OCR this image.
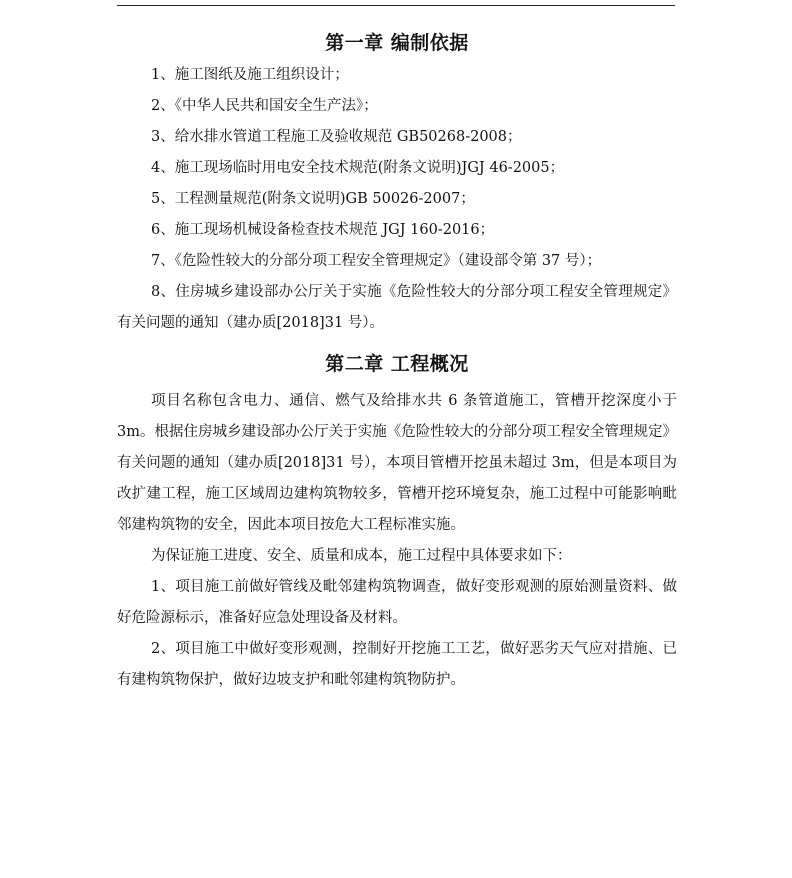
第一章 编制依据

1、施工图纸及施工组织设计；

2、《中华人民共和国安全生产法》；

3、给水排水管道工程施工及验收规范 GB50268-2008；

4、施工现场临时用电安全技术规范(附条文说明)JGJ 46-2005；

5、工程测量规范(附条文说明)GB 50026-2007；

6、施工现场机械设备检查技术规范 JGJ 160-2016；

7、《危险性较大的分部分项工程安全管理规定》（建设部令第 37 号）；

8、住房城乡建设部办公厅关于实施《危险性较大的分部分项工程安全管理规定》有关问题的通知（建办质[2018]31 号）。

第二章 工程概况

项目名称包含电力、通信、燃气及给排水共 6 条管道施工，管槽开挖深度小于 3m。根据住房城乡建设部办公厅关于实施《危险性较大的分部分项工程安全管理规定》有关问题的通知（建办质[2018]31 号），本项目管槽开挖虽未超过 3m，但是本项目为改扩建工程，施工区域周边建构筑物较多，管槽开挖环境复杂，施工过程中可能影响毗邻建构筑物的安全，因此本项目按危大工程标准实施。

为保证施工进度、安全、质量和成本，施工过程中具体要求如下：

1、项目施工前做好管线及毗邻建构筑物调查，做好变形观测的原始测量资料、做好危险源标示，准备好应急处理设备及材料。

2、项目施工中做好变形观测，控制好开挖施工工艺，做好恶劣天气应对措施、已有建构筑物保护，做好边坡支护和毗邻建构筑物防护。
